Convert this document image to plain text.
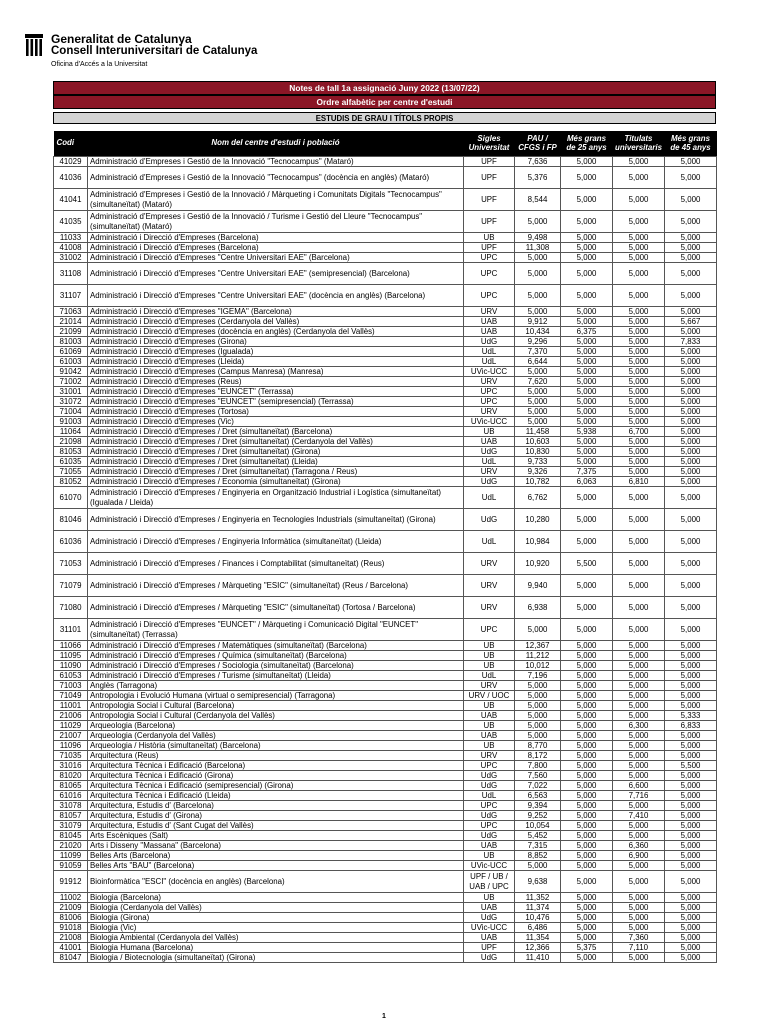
Generalitat de Catalunya
Consell Interuniversitari de Catalunya
Oficina d'Accés a la Universitat
Notes de tall 1a assignació Juny 2022 (13/07/22)
Ordre alfabètic per centre d'estudi
ESTUDIS DE GRAU I TÍTOLS PROPIS
Codi	Nom del centre d'estudi i població	Sigles Universitat	PAU / CFGS i FP	Més grans de 25 anys	Titulats universitaris	Més grans de 45 anys
41029	Administració d'Empreses i Gestió de la Innovació "Tecnocampus" (Mataró)	UPF	7,636	5,000	5,000	5,000
41036	Administració d'Empreses i Gestió de la Innovació "Tecnocampus" (docència en anglès) (Mataró)	UPF	5,376	5,000	5,000	5,000
41041	Administració d'Empreses i Gestió de la Innovació / Màrqueting i Comunitats Digitals "Tecnocampus" (simultaneïtat) (Mataró)	UPF	8,544	5,000	5,000	5,000
41035	Administració d'Empreses i Gestió de la Innovació / Turisme i Gestió del Lleure "Tecnocampus" (simultaneïtat) (Mataró)	UPF	5,000	5,000	5,000	5,000
11033	Administració i Direcció d'Empreses (Barcelona)	UB	9,498	5,000	5,000	5,000
41008	Administració i Direcció d'Empreses (Barcelona)	UPF	11,308	5,000	5,000	5,000
31002	Administració i Direcció d'Empreses "Centre Universitari EAE" (Barcelona)	UPC	5,000	5,000	5,000	5,000
31108	Administració i Direcció d'Empreses "Centre Universitari EAE" (semipresencial) (Barcelona)	UPC	5,000	5,000	5,000	5,000
31107	Administració i Direcció d'Empreses "Centre Universitari EAE" (docència en anglès) (Barcelona)	UPC	5,000	5,000	5,000	5,000
71063	Administració i Direcció d'Empreses "IGEMA" (Barcelona)	URV	5,000	5,000	5,000	5,000
21014	Administració i Direcció d'Empreses (Cerdanyola del Vallès)	UAB	9,912	5,000	5,000	5,667
21099	Administració i Direcció d'Empreses (docència en anglès) (Cerdanyola del Vallès)	UAB	10,434	6,375	5,000	5,000
81003	Administració i Direcció d'Empreses (Girona)	UdG	9,296	5,000	5,000	7,833
61069	Administració i Direcció d'Empreses (Igualada)	UdL	7,370	5,000	5,000	5,000
61003	Administració i Direcció d'Empreses (Lleida)	UdL	6,644	5,000	5,000	5,000
91042	Administració i Direcció d'Empreses (Campus Manresa) (Manresa)	UVic-UCC	5,000	5,000	5,000	5,000
71002	Administració i Direcció d'Empreses (Reus)	URV	7,620	5,000	5,000	5,000
31001	Administració i Direcció d'Empreses "EUNCET" (Terrassa)	UPC	5,000	5,000	5,000	5,000
31072	Administració i Direcció d'Empreses "EUNCET" (semipresencial) (Terrassa)	UPC	5,000	5,000	5,000	5,000
71004	Administració i Direcció d'Empreses (Tortosa)	URV	5,000	5,000	5,000	5,000
91003	Administració i Direcció d'Empreses (Vic)	UVic-UCC	5,000	5,000	5,000	5,000
11064	Administració i Direcció d'Empreses / Dret (simultaneïtat) (Barcelona)	UB	11,458	5,938	6,700	5,000
21098	Administració i Direcció d'Empreses / Dret (simultaneïtat) (Cerdanyola del Vallès)	UAB	10,603	5,000	5,000	5,000
81053	Administració i Direcció d'Empreses / Dret (simultaneïtat) (Girona)	UdG	10,830	5,000	5,000	5,000
61035	Administració i Direcció d'Empreses / Dret (simultaneïtat) (Lleida)	UdL	9,733	5,000	5,000	5,000
71055	Administració i Direcció d'Empreses / Dret (simultaneïtat) (Tarragona / Reus)	URV	9,326	7,375	5,000	5,000
81052	Administració i Direcció d'Empreses / Economia (simultaneïtat) (Girona)	UdG	10,782	6,063	6,810	5,000
61070	Administració i Direcció d'Empreses / Enginyeria en Organització Industrial i Logística (simultaneïtat) (Igualada / Lleida)	UdL	6,762	5,000	5,000	5,000
81046	Administració i Direcció d'Empreses / Enginyeria en Tecnologies Industrials (simultaneïtat) (Girona)	UdG	10,280	5,000	5,000	5,000
61036	Administració i Direcció d'Empreses / Enginyeria Informàtica (simultaneïtat) (Lleida)	UdL	10,984	5,000	5,000	5,000
71053	Administració i Direcció d'Empreses / Finances i Comptabilitat (simultaneïtat) (Reus)	URV	10,920	5,500	5,000	5,000
71079	Administració i Direcció d'Empreses / Màrqueting "ESIC" (simultaneïtat) (Reus / Barcelona)	URV	9,940	5,000	5,000	5,000
71080	Administració i Direcció d'Empreses / Màrqueting "ESIC" (simultaneïtat) (Tortosa / Barcelona)	URV	6,938	5,000	5,000	5,000
31101	Administració i Direcció d'Empreses "EUNCET" / Màrqueting i Comunicació Digital "EUNCET" (simultaneïtat) (Terrassa)	UPC	5,000	5,000	5,000	5,000
11066	Administració i Direcció d'Empreses / Matemàtiques (simultaneïtat) (Barcelona)	UB	12,367	5,000	5,000	5,000
11095	Administració i Direcció d'Empreses / Química (simultaneïtat) (Barcelona)	UB	11,212	5,000	5,000	5,000
11090	Administració i Direcció d'Empreses / Sociologia (simultaneïtat) (Barcelona)	UB	10,012	5,000	5,000	5,000
61053	Administració i Direcció d'Empreses / Turisme (simultaneïtat) (Lleida)	UdL	7,196	5,000	5,000	5,000
71003	Anglès (Tarragona)	URV	5,000	5,000	5,000	5,000
71049	Antropologia i Evolució Humana (virtual o semipresencial) (Tarragona)	URV / UOC	5,000	5,000	5,000	5,000
11001	Antropologia Social i Cultural (Barcelona)	UB	5,000	5,000	5,000	5,000
21006	Antropologia Social i Cultural (Cerdanyola del Vallès)	UAB	5,000	5,000	5,000	5,333
11029	Arqueologia (Barcelona)	UB	5,000	5,000	6,300	6,833
21007	Arqueologia (Cerdanyola del Vallès)	UAB	5,000	5,000	5,000	5,000
11096	Arqueologia / Història (simultaneïtat) (Barcelona)	UB	8,770	5,000	5,000	5,000
71035	Arquitectura (Reus)	URV	8,172	5,000	5,000	5,000
31016	Arquitectura Tècnica i Edificació (Barcelona)	UPC	7,800	5,000	5,000	5,500
81020	Arquitectura Tècnica i Edificació (Girona)	UdG	7,560	5,000	5,000	5,000
81065	Arquitectura Tècnica i Edificació (semipresencial) (Girona)	UdG	7,022	5,000	6,600	5,000
61016	Arquitectura Tècnica i Edificació (Lleida)	UdL	6,563	5,000	7,716	5,000
31078	Arquitectura, Estudis d' (Barcelona)	UPC	9,394	5,000	5,000	5,000
81057	Arquitectura, Estudis d' (Girona)	UdG	9,252	5,000	7,410	5,000
31079	Arquitectura, Estudis d' (Sant Cugat del Vallès)	UPC	10,054	5,000	5,000	5,000
81045	Arts Escèniques (Salt)	UdG	5,452	5,000	5,000	5,000
21020	Arts i Disseny "Massana" (Barcelona)	UAB	7,315	5,000	6,360	5,000
11099	Belles Arts (Barcelona)	UB	8,852	5,000	6,900	5,000
91059	Belles Arts "BAU" (Barcelona)	UVic-UCC	5,000	5,000	5,000	5,000
91912	Bioinformàtica "ESCI" (docència en anglès) (Barcelona)	UPF / UB / UAB / UPC	9,638	5,000	5,000	5,000
11002	Biologia (Barcelona)	UB	11,352	5,000	5,000	5,000
21009	Biologia (Cerdanyola del Vallès)	UAB	11,374	5,000	5,000	5,000
81006	Biologia (Girona)	UdG	10,476	5,000	5,000	5,000
91018	Biologia (Vic)	UVic-UCC	6,486	5,000	5,000	5,000
21008	Biologia Ambiental (Cerdanyola del Vallès)	UAB	11,354	5,000	7,360	5,000
41001	Biologia Humana (Barcelona)	UPF	12,366	5,375	7,110	5,000
81047	Biologia / Biotecnologia (simultaneïtat) (Girona)	UdG	11,410	5,000	5,000	5,000
1
